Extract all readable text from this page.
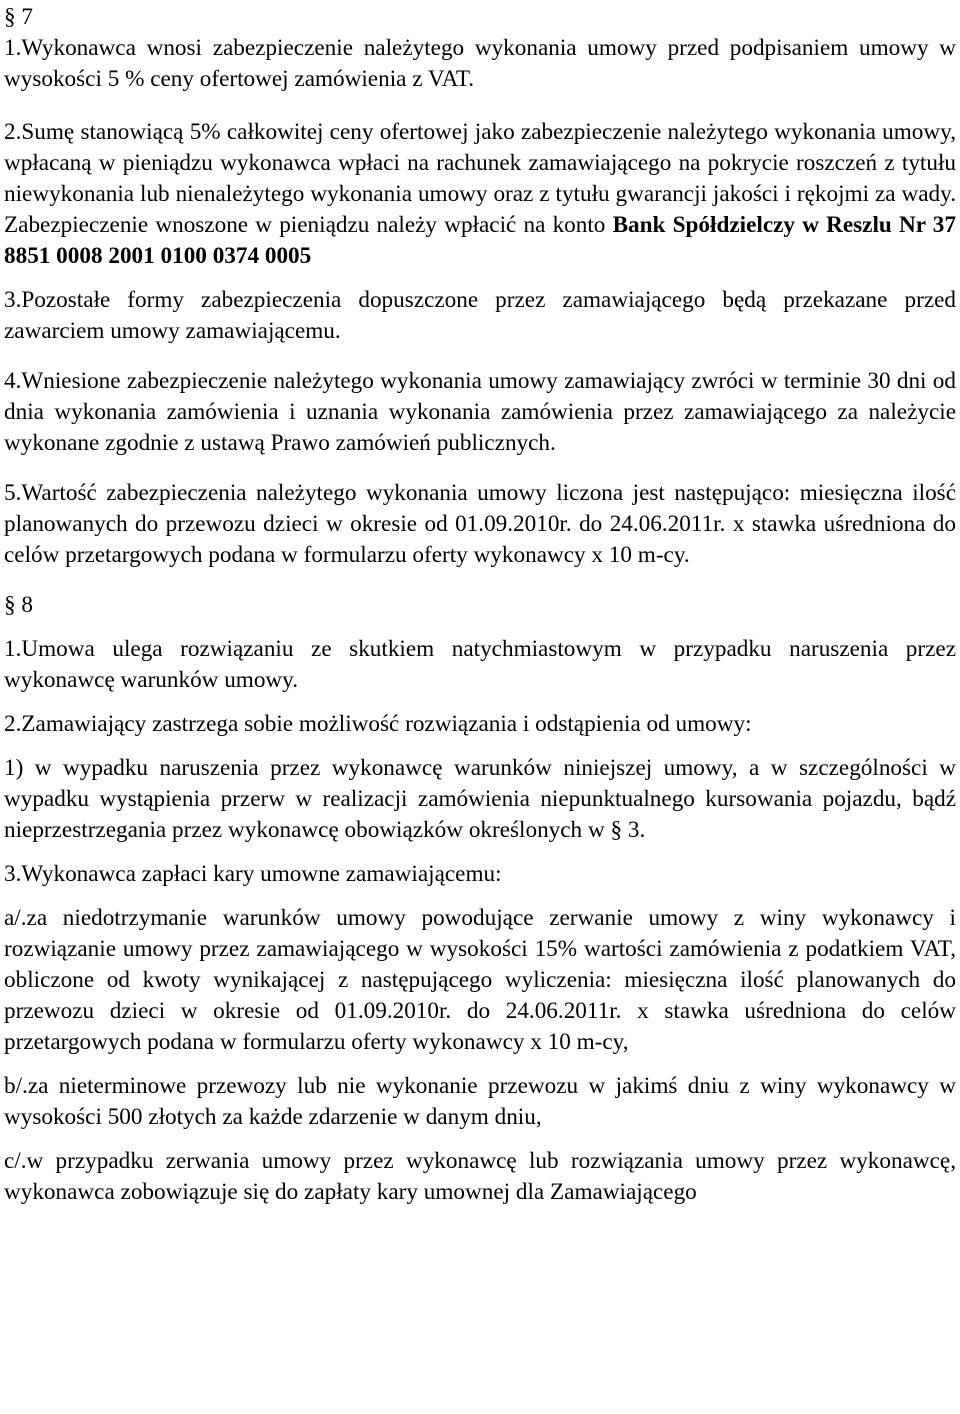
§ 7

1.Wykonawca wnosi zabezpieczenie należytego wykonania umowy przed podpisaniem umowy w wysokości 5 % ceny ofertowej zamówienia z VAT.

2.Sumę stanowiącą 5% całkowitej ceny ofertowej jako zabezpieczenie należytego wykonania umowy, wpłacaną w pieniądzu wykonawca wpłaci na rachunek zamawiającego na pokrycie roszczeń z tytułu niewykonania lub nienależytego wykonania umowy oraz z tytułu gwarancji jakości i rękojmi za wady. Zabezpieczenie wnoszone w pieniądzu należy wpłacić na konto Bank Spółdzielczy w Reszlu Nr 37 8851 0008 2001 0100 0374 0005

3.Pozostałe formy zabezpieczenia dopuszczone przez zamawiającego będą przekazane przed zawarciem umowy zamawiającemu.

4.Wniesione zabezpieczenie należytego wykonania umowy zamawiający zwróci w terminie 30 dni od dnia wykonania zamówienia i uznania wykonania zamówienia przez zamawiającego za należycie wykonane zgodnie z ustawą Prawo zamówień publicznych.

5.Wartość zabezpieczenia należytego wykonania umowy liczona jest następująco: miesięczna ilość planowanych do przewozu dzieci w okresie od 01.09.2010r. do 24.06.2011r. x stawka uśredniona do celów przetargowych podana w formularzu oferty wykonawcy x 10 m-cy.

§ 8

1.Umowa ulega rozwiązaniu ze skutkiem natychmiastowym w przypadku naruszenia przez wykonawcę warunków umowy.

2.Zamawiający zastrzega sobie możliwość rozwiązania i odstąpienia od umowy:

1) w wypadku naruszenia przez wykonawcę warunków niniejszej umowy, a w szczególności w wypadku wystąpienia przerw w realizacji zamówienia niepunktualnego kursowania pojazdu, bądź nieprzestrzegania przez wykonawcę obowiązków określonych w § 3.

3.Wykonawca zapłaci kary umowne zamawiającemu:

a/.za niedotrzymanie warunków umowy powodujące zerwanie umowy z winy wykonawcy i rozwiązanie umowy przez zamawiającego w wysokości 15% wartości zamówienia z podatkiem VAT, obliczone od kwoty wynikającej z następującego wyliczenia: miesięczna ilość planowanych do przewozu dzieci w okresie od 01.09.2010r. do 24.06.2011r. x stawka uśredniona do celów przetargowych podana w formularzu oferty wykonawcy x 10 m-cy,

b/.za nieterminowe przewozy lub nie wykonanie przewozu w jakimś dniu z winy wykonawcy w wysokości 500 złotych za każde zdarzenie w danym dniu,

c/.w przypadku zerwania umowy przez wykonawcę lub rozwiązania umowy przez wykonawcę, wykonawca zobowiązuje się do zapłaty kary umownej dla Zamawiającego
